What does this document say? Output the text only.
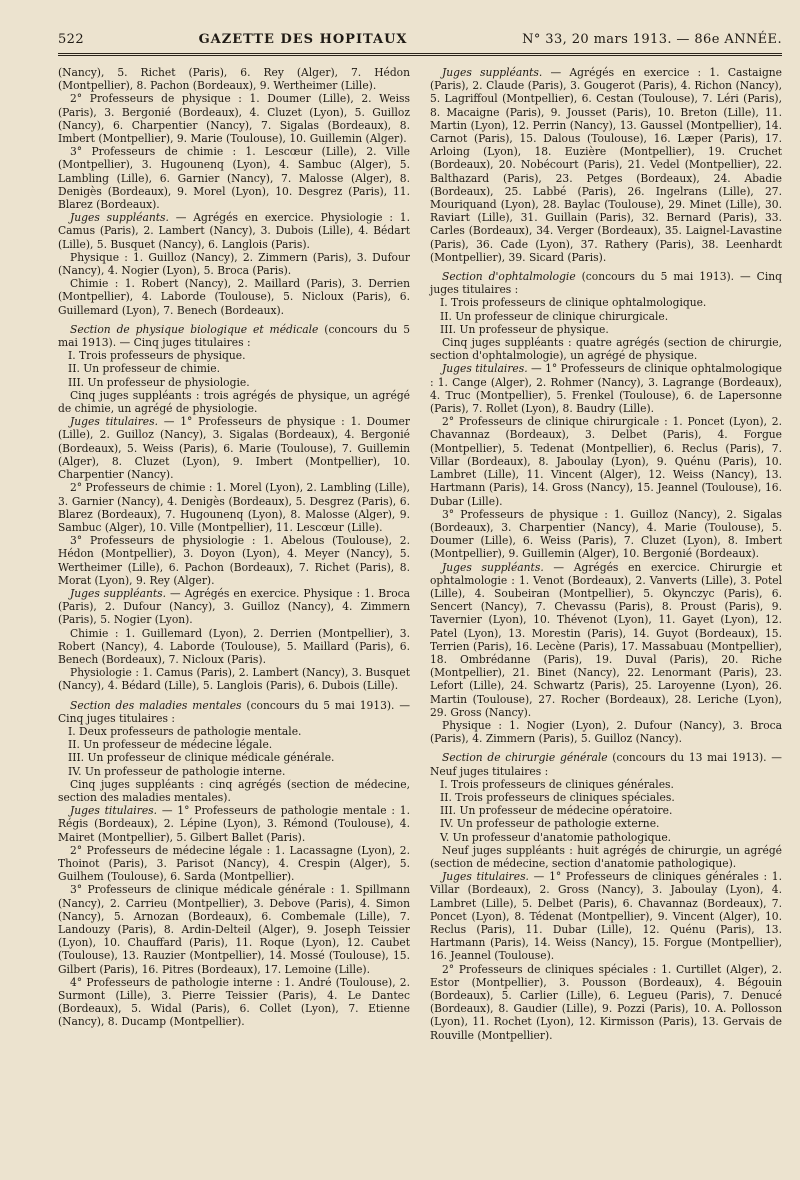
522	GAZETTE DES HOPITAUX	N° 33, 20 mars 1913. — 86e ANNÉE.

(Nancy), 5. Richet (Paris), 6. Rey (Alger), 7. Hédon (Montpellier), 8. Pachon (Bordeaux), 9. Wertheimer (Lille).

2° Professeurs de physique : 1. Doumer (Lille), 2. Weiss (Paris), 3. Bergonié (Bordeaux), 4. Cluzet (Lyon), 5. Guilloz (Nancy), 6. Charpentier (Nancy), 7. Sigalas (Bordeaux), 8. Imbert (Montpellier), 9. Marie (Toulouse), 10. Guillemin (Alger).

3° Professeurs de chimie : 1. Lescœur (Lille), 2. Ville (Montpellier), 3. Hugounenq (Lyon), 4. Sambuc (Alger), 5. Lambling (Lille), 6. Garnier (Nancy), 7. Malosse (Alger), 8. Denigès (Bordeaux), 9. Morel (Lyon), 10. Desgrez (Paris), 11. Blarez (Bordeaux).

Juges suppléants. — Agrégés en exercice. Physiologie : 1. Camus (Paris), 2. Lambert (Nancy), 3. Dubois (Lille), 4. Bédart (Lille), 5. Busquet (Nancy), 6. Langlois (Paris).

Physique : 1. Guilloz (Nancy), 2. Zimmern (Paris), 3. Dufour (Nancy), 4. Nogier (Lyon), 5. Broca (Paris).

Chimie : 1. Robert (Nancy), 2. Maillard (Paris), 3. Derrien (Montpellier), 4. Laborde (Toulouse), 5. Nicloux (Paris), 6. Guillemard (Lyon), 7. Benech (Bordeaux).

Section de physique biologique et médicale (concours du 5 mai 1913). — Cinq juges titulaires :

I. Trois professeurs de physique.

II. Un professeur de chimie.

III. Un professeur de physiologie.

Cinq juges suppléants : trois agrégés de physique, un agrégé de chimie, un agrégé de physiologie.

Juges titulaires. — 1° Professeurs de physique : 1. Doumer (Lille), 2. Guilloz (Nancy), 3. Sigalas (Bordeaux), 4. Bergonié (Bordeaux), 5. Weiss (Paris), 6. Marie (Toulouse), 7. Guillemin (Alger), 8. Cluzet (Lyon), 9. Imbert (Montpellier), 10. Charpentier (Nancy).

2° Professeurs de chimie : 1. Morel (Lyon), 2. Lambling (Lille), 3. Garnier (Nancy), 4. Denigès (Bordeaux), 5. Desgrez (Paris), 6. Blarez (Bordeaux), 7. Hugounenq (Lyon), 8. Malosse (Alger), 9. Sambuc (Alger), 10. Ville (Montpellier), 11. Lescœur (Lille).

3° Professeurs de physiologie : 1. Abelous (Toulouse), 2. Hédon (Montpellier), 3. Doyon (Lyon), 4. Meyer (Nancy), 5. Wertheimer (Lille), 6. Pachon (Bordeaux), 7. Richet (Paris), 8. Morat (Lyon), 9. Rey (Alger).

Juges suppléants. — Agrégés en exercice. Physique : 1. Broca (Paris), 2. Dufour (Nancy), 3. Guilloz (Nancy), 4. Zimmern (Paris), 5. Nogier (Lyon).

Chimie : 1. Guillemard (Lyon), 2. Derrien (Montpellier), 3. Robert (Nancy), 4. Laborde (Toulouse), 5. Maillard (Paris), 6. Benech (Bordeaux), 7. Nicloux (Paris).

Physiologie : 1. Camus (Paris), 2. Lambert (Nancy), 3. Busquet (Nancy), 4. Bédard (Lille), 5. Langlois (Paris), 6. Dubois (Lille).

Section des maladies mentales (concours du 5 mai 1913). — Cinq juges titulaires :

I. Deux professeurs de pathologie mentale.

II. Un professeur de médecine légale.

III. Un professeur de clinique médicale générale.

IV. Un professeur de pathologie interne.

Cinq juges suppléants : cinq agrégés (section de médecine, section des maladies mentales).

Juges titulaires. — 1° Professeurs de pathologie mentale : 1. Régis (Bordeaux), 2. Lépine (Lyon), 3. Rémond (Toulouse), 4. Mairet (Montpellier), 5. Gilbert Ballet (Paris).

2° Professeurs de médecine légale : 1. Lacassagne (Lyon), 2. Thoinot (Paris), 3. Parisot (Nancy), 4. Crespin (Alger), 5. Guilhem (Toulouse), 6. Sarda (Montpellier).

3° Professeurs de clinique médicale générale : 1. Spillmann (Nancy), 2. Carrieu (Montpellier), 3. Debove (Paris), 4. Simon (Nancy), 5. Arnozan (Bordeaux), 6. Combemale (Lille), 7. Landouzy (Paris), 8. Ardin-Delteil (Alger), 9. Joseph Teissier (Lyon), 10. Chauffard (Paris), 11. Roque (Lyon), 12. Caubet (Toulouse), 13. Rauzier (Montpellier), 14. Mossé (Toulouse), 15. Gilbert (Paris), 16. Pitres (Bordeaux), 17. Lemoine (Lille).

4° Professeurs de pathologie interne : 1. André (Toulouse), 2. Surmont (Lille), 3. Pierre Teissier (Paris), 4. Le Dantec (Bordeaux), 5. Widal (Paris), 6. Collet (Lyon), 7. Etienne (Nancy), 8. Ducamp (Montpellier).

Juges suppléants. — Agrégés en exercice : 1. Castaigne (Paris), 2. Claude (Paris), 3. Gougerot (Paris), 4. Richon (Nancy), 5. Lagriffoul (Montpellier), 6. Cestan (Toulouse), 7. Léri (Paris), 8. Macaigne (Paris), 9. Jousset (Paris), 10. Breton (Lille), 11. Martin (Lyon), 12. Perrin (Nancy), 13. Gaussel (Montpellier), 14. Carnot (Paris), 15. Dalous (Toulouse), 16. Læper (Paris), 17. Arloing (Lyon), 18. Euzière (Montpellier), 19. Cruchet (Bordeaux), 20. Nobécourt (Paris), 21. Vedel (Montpellier), 22. Balthazard (Paris), 23. Petges (Bordeaux), 24. Abadie (Bordeaux), 25. Labbé (Paris), 26. Ingelrans (Lille), 27. Mouriquand (Lyon), 28. Baylac (Toulouse), 29. Minet (Lille), 30. Raviart (Lille), 31. Guillain (Paris), 32. Bernard (Paris), 33. Carles (Bordeaux), 34. Verger (Bordeaux), 35. Laignel-Lavastine (Paris), 36. Cade (Lyon), 37. Rathery (Paris), 38. Leenhardt (Montpellier), 39. Sicard (Paris).

Section d'ophtalmologie (concours du 5 mai 1913). — Cinq juges titulaires :

I. Trois professeurs de clinique ophtalmologique.

II. Un professeur de clinique chirurgicale.

III. Un professeur de physique.

Cinq juges suppléants : quatre agrégés (section de chirurgie, section d'ophtalmologie), un agrégé de physique.

Juges titulaires. — 1° Professeurs de clinique ophtalmologique : 1. Cange (Alger), 2. Rohmer (Nancy), 3. Lagrange (Bordeaux), 4. Truc (Montpellier), 5. Frenkel (Toulouse), 6. de Lapersonne (Paris), 7. Rollet (Lyon), 8. Baudry (Lille).

2° Professeurs de clinique chirurgicale : 1. Poncet (Lyon), 2. Chavannaz (Bordeaux), 3. Delbet (Paris), 4. Forgue (Montpellier), 5. Tedenat (Montpellier), 6. Reclus (Paris), 7. Villar (Bordeaux), 8. Jaboulay (Lyon), 9. Quénu (Paris), 10. Lambret (Lille), 11. Vincent (Alger), 12. Weiss (Nancy), 13. Hartmann (Paris), 14. Gross (Nancy), 15. Jeannel (Toulouse), 16. Dubar (Lille).

3° Professeurs de physique : 1. Guilloz (Nancy), 2. Sigalas (Bordeaux), 3. Charpentier (Nancy), 4. Marie (Toulouse), 5. Doumer (Lille), 6. Weiss (Paris), 7. Cluzet (Lyon), 8. Imbert (Montpellier), 9. Guillemin (Alger), 10. Bergonié (Bordeaux).

Juges suppléants. — Agrégés en exercice. Chirurgie et ophtalmologie : 1. Venot (Bordeaux), 2. Vanverts (Lille), 3. Potel (Lille), 4. Soubeiran (Montpellier), 5. Okynczyc (Paris), 6. Sencert (Nancy), 7. Chevassu (Paris), 8. Proust (Paris), 9. Tavernier (Lyon), 10. Thévenot (Lyon), 11. Gayet (Lyon), 12. Patel (Lyon), 13. Morestin (Paris), 14. Guyot (Bordeaux), 15. Terrien (Paris), 16. Lecène (Paris), 17. Massabuau (Montpellier), 18. Ombrédanne (Paris), 19. Duval (Paris), 20. Riche (Montpellier), 21. Binet (Nancy), 22. Lenormant (Paris), 23. Lefort (Lille), 24. Schwartz (Paris), 25. Laroyenne (Lyon), 26. Martin (Toulouse), 27. Rocher (Bordeaux), 28. Leriche (Lyon), 29. Gross (Nancy).

Physique : 1. Nogier (Lyon), 2. Dufour (Nancy), 3. Broca (Paris), 4. Zimmern (Paris), 5. Guilloz (Nancy).

Section de chirurgie générale (concours du 13 mai 1913). — Neuf juges titulaires :

I. Trois professeurs de cliniques générales.

II. Trois professeurs de cliniques spéciales.

III. Un professeur de médecine opératoire.

IV. Un professeur de pathologie externe.

V. Un professeur d'anatomie pathologique.

Neuf juges suppléants : huit agrégés de chirurgie, un agrégé (section de médecine, section d'anatomie pathologique).

Juges titulaires. — 1° Professeurs de cliniques générales : 1. Villar (Bordeaux), 2. Gross (Nancy), 3. Jaboulay (Lyon), 4. Lambret (Lille), 5. Delbet (Paris), 6. Chavannaz (Bordeaux), 7. Poncet (Lyon), 8. Tédenat (Montpellier), 9. Vincent (Alger), 10. Reclus (Paris), 11. Dubar (Lille), 12. Quénu (Paris), 13. Hartmann (Paris), 14. Weiss (Nancy), 15. Forgue (Montpellier), 16. Jeannel (Toulouse).

2° Professeurs de cliniques spéciales : 1. Curtillet (Alger), 2. Estor (Montpellier), 3. Pousson (Bordeaux), 4. Bégouin (Bordeaux), 5. Carlier (Lille), 6. Legueu (Paris), 7. Denucé (Bordeaux), 8. Gaudier (Lille), 9. Pozzi (Paris), 10. A. Pollosson (Lyon), 11. Rochet (Lyon), 12. Kirmisson (Paris), 13. Gervais de Rouville (Montpellier).
